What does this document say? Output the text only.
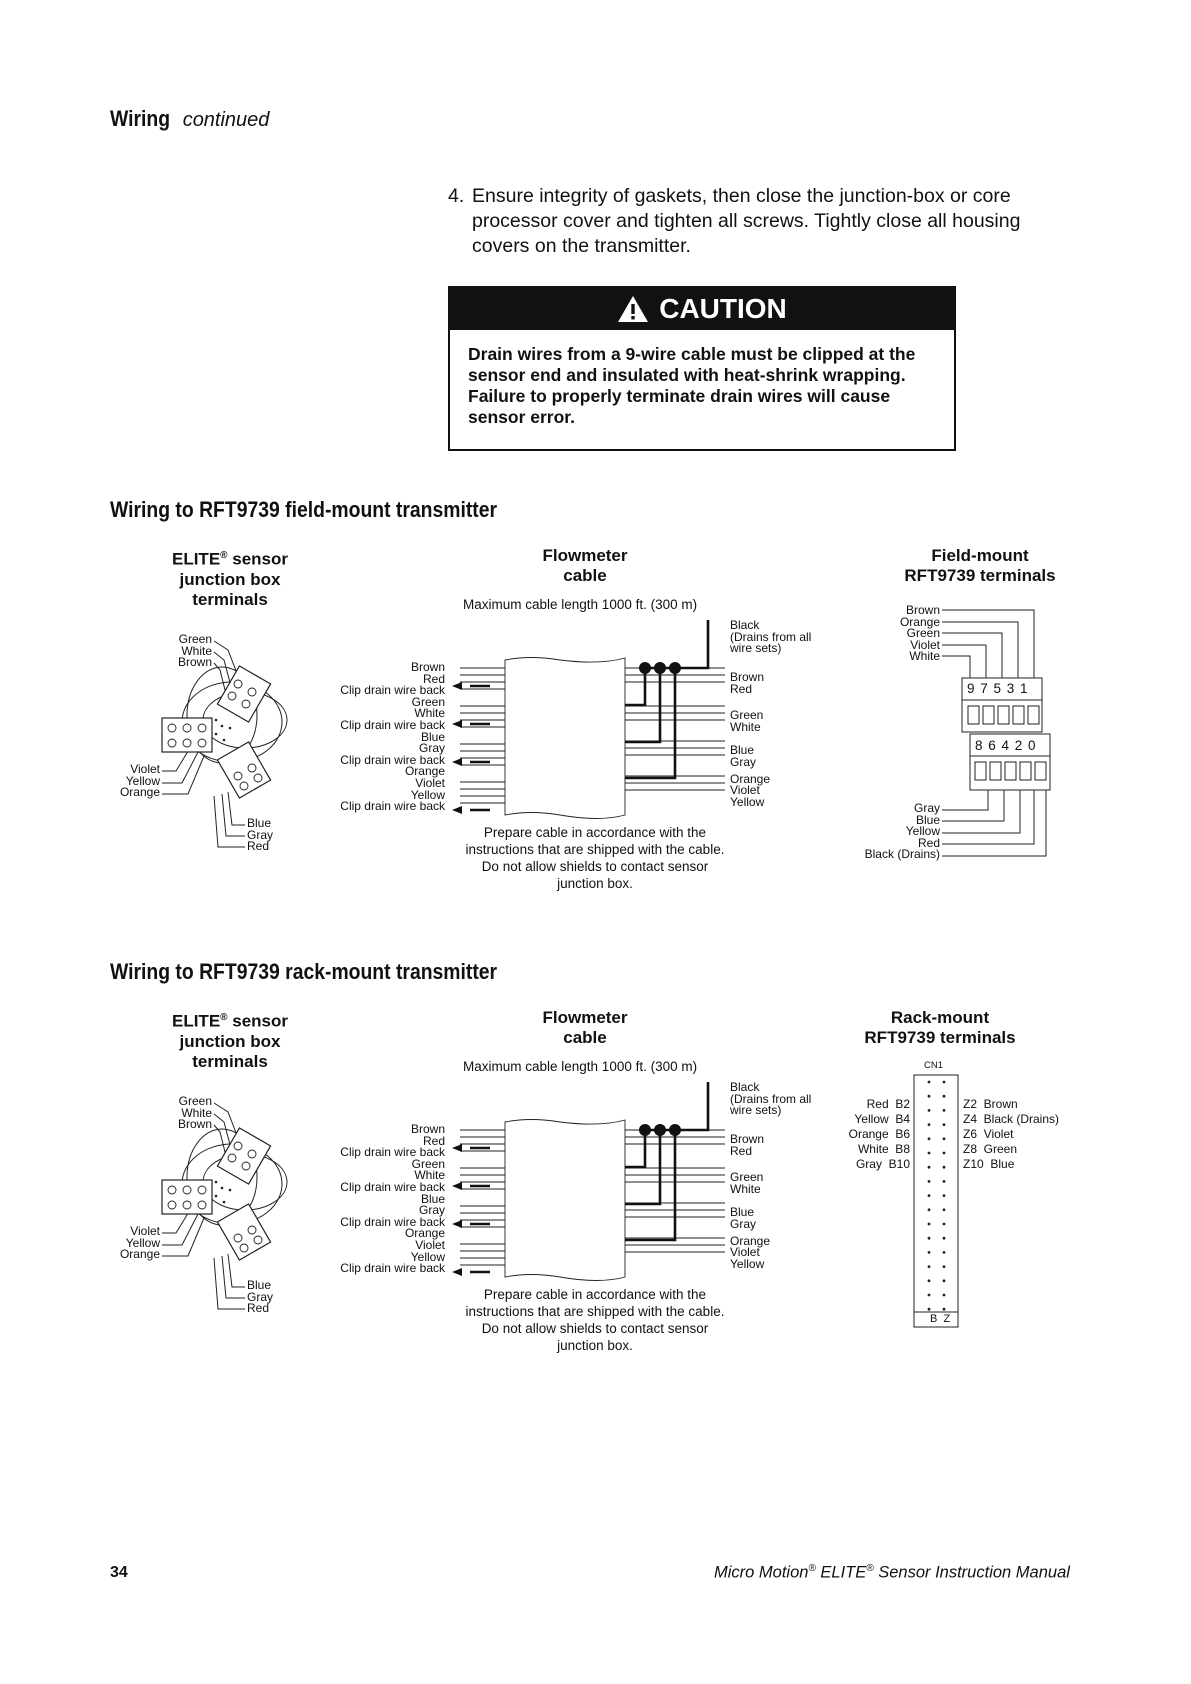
Wiring continued
4. Ensure integrity of gaskets, then close the junction-box or core
processor cover and tighten all screws. Tightly close all housing
covers on the transmitter.
CAUTION
Drain wires from a 9-wire cable must be clipped at the
sensor end and insulated with heat-shrink wrapping.
Failure to properly terminate drain wires will cause
sensor error.
Wiring to RFT9739 field-mount transmitter
ELITE® sensor
junction box
terminals
Flowmeter
cable
Field-mount
RFT9739 terminals
Maximum cable length 1000 ft. (300 m)
Green
White
Brown
Violet
Yellow
Orange
Blue
Gray
Red
Brown
Red
Clip drain wire back
Green
White
Clip drain wire back
Blue
Gray
Clip drain wire back
Orange
Violet
Yellow
Clip drain wire back
Black
(Drains from all
wire sets)
Brown
Red
Green
White
Blue
Gray
Orange
Violet
Yellow
Prepare cable in accordance with the
instructions that are shipped with the cable.
Do not allow shields to contact sensor
junction box.
Brown
Orange
Green
Violet
White
9 7 5 3 1
8 6 4 2 0
Gray
Blue
Yellow
Red
Black (Drains)
Wiring to RFT9739 rack-mount transmitter
ELITE® sensor
junction box
terminals
Flowmeter
cable
Rack-mount
RFT9739 terminals
Maximum cable length 1000 ft. (300 m)
Green
White
Brown
Violet
Yellow
Orange
Blue
Gray
Red
Brown
Red
Clip drain wire back
Green
White
Clip drain wire back
Blue
Gray
Clip drain wire back
Orange
Violet
Yellow
Clip drain wire back
Black
(Drains from all
wire sets)
Brown
Red
Green
White
Blue
Gray
Orange
Violet
Yellow
Prepare cable in accordance with the
instructions that are shipped with the cable.
Do not allow shields to contact sensor
junction box.
CN1
Red  B2
Yellow  B4
Orange  B6
White  B8
Gray  B10
Z2  Brown
Z4  Black (Drains)
Z6  Violet
Z8  Green
Z10  Blue
B  Z
34	Micro Motion® ELITE® Sensor Instruction Manual
